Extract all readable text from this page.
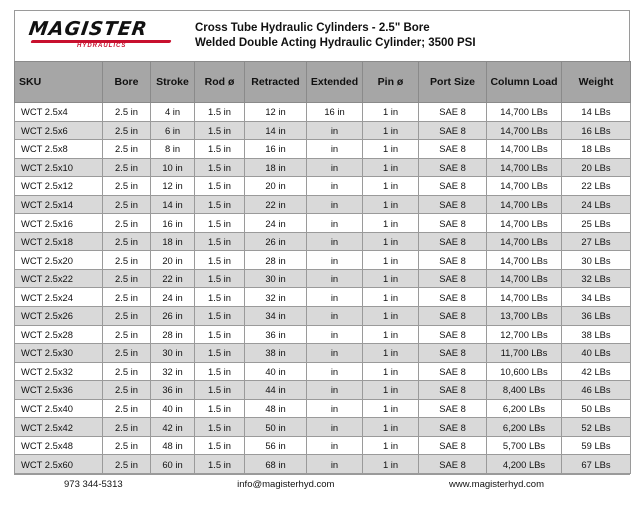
MAGISTER
HYDRAULICS
Cross Tube Hydraulic Cylinders - 2.5" Bore
Welded Double Acting Hydraulic Cylinder; 3500 PSI
SKU	Bore	Stroke	Rod ø	Retracted	Extended	Pin ø	Port Size	Column Load	Weight
WCT 2.5x4	2.5 in	4 in	1.5 in	12 in	16 in	1 in	SAE 8	14,700 LBs	14 LBs
WCT 2.5x6	2.5 in	6 in	1.5 in	14 in	in	1 in	SAE 8	14,700 LBs	16 LBs
WCT 2.5x8	2.5 in	8 in	1.5 in	16 in	in	1 in	SAE 8	14,700 LBs	18 LBs
WCT 2.5x10	2.5 in	10 in	1.5 in	18 in	in	1 in	SAE 8	14,700 LBs	20 LBs
WCT 2.5x12	2.5 in	12 in	1.5 in	20 in	in	1 in	SAE 8	14,700 LBs	22 LBs
WCT 2.5x14	2.5 in	14 in	1.5 in	22 in	in	1 in	SAE 8	14,700 LBs	24 LBs
WCT 2.5x16	2.5 in	16 in	1.5 in	24 in	in	1 in	SAE 8	14,700 LBs	25 LBs
WCT 2.5x18	2.5 in	18 in	1.5 in	26 in	in	1 in	SAE 8	14,700 LBs	27 LBs
WCT 2.5x20	2.5 in	20 in	1.5 in	28 in	in	1 in	SAE 8	14,700 LBs	30 LBs
WCT 2.5x22	2.5 in	22 in	1.5 in	30 in	in	1 in	SAE 8	14,700 LBs	32 LBs
WCT 2.5x24	2.5 in	24 in	1.5 in	32 in	in	1 in	SAE 8	14,700 LBs	34 LBs
WCT 2.5x26	2.5 in	26 in	1.5 in	34 in	in	1 in	SAE 8	13,700 LBs	36 LBs
WCT 2.5x28	2.5 in	28 in	1.5 in	36 in	in	1 in	SAE 8	12,700 LBs	38 LBs
WCT 2.5x30	2.5 in	30 in	1.5 in	38 in	in	1 in	SAE 8	11,700 LBs	40 LBs
WCT 2.5x32	2.5 in	32 in	1.5 in	40 in	in	1 in	SAE 8	10,600 LBs	42 LBs
WCT 2.5x36	2.5 in	36 in	1.5 in	44 in	in	1 in	SAE 8	8,400 LBs	46 LBs
WCT 2.5x40	2.5 in	40 in	1.5 in	48 in	in	1 in	SAE 8	6,200 LBs	50 LBs
WCT 2.5x42	2.5 in	42 in	1.5 in	50 in	in	1 in	SAE 8	6,200 LBs	52 LBs
WCT 2.5x48	2.5 in	48 in	1.5 in	56 in	in	1 in	SAE 8	5,700 LBs	59 LBs
WCT 2.5x60	2.5 in	60 in	1.5 in	68 in	in	1 in	SAE 8	4,200 LBs	67 LBs
973 344-5313	info@magisterhyd.com	www.magisterhyd.com
